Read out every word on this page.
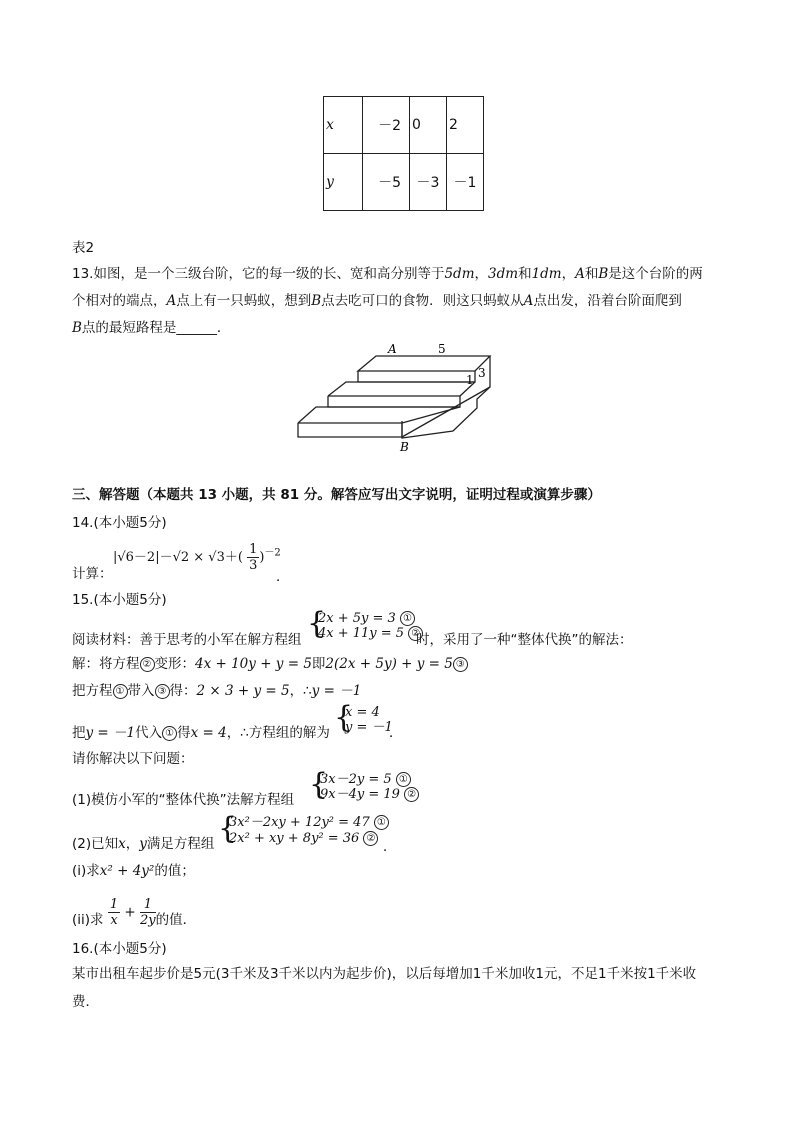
x	－2	0	2
y	－5	－3	－1
表2
13.如图，是一个三级台阶，它的每一级的长、宽和高分别等于5dm，3dm和1dm，A和B是这个台阶的两
个相对的端点，A点上有一只蚂蚁，想到B点去吃可口的食物．则这只蚂蚁从A点出发，沿着台阶面爬到
B点的最短路程是______．
A	5
1 3
B
三、解答题（本题共 13 小题，共 81 分。解答应写出文字说明，证明过程或演算步骤）
14.(本小题5分)
计算：
$|√6-2|-√2 \times √3+( \frac{1}{3} )^{-2}$
．
15.(本小题5分)
阅读材料：善于思考的小军在解方程组 {
2x + 5y = 3 ①
4x + 11y = 5 ②
时，采用了一种“整体代换”的解法：
解：将方程 ② 变形：4x + 10y + y = 5即2(2x + 5y) + y = 5 ③
把方程 ① 带入 ③ 得：2 × 3 + y = 5，∴y = －1
把y = －1代入 ① 得x = 4，∴方程组的解为 {
x = 4
y = －1
．
请你解决以下问题：
(1)模仿小军的“整体代换”法解方程组 {
3x－2y = 5 ①
9x－4y = 19 ②
(2)已知x，y满足方程组 {
3x²－2xy + 12y² = 47 ①
2x² + xy + 8y² = 36 ②
．
(i)求x² + 4y²的值；
(ii)求 $\frac{1}{x} + \frac{1}{2y}$ 的值．
16.(本小题5分)
某市出租车起步价是5元(3千米及3千米以内为起步价)，以后每增加1千米加收1元，不足1千米按1千米收
费．
